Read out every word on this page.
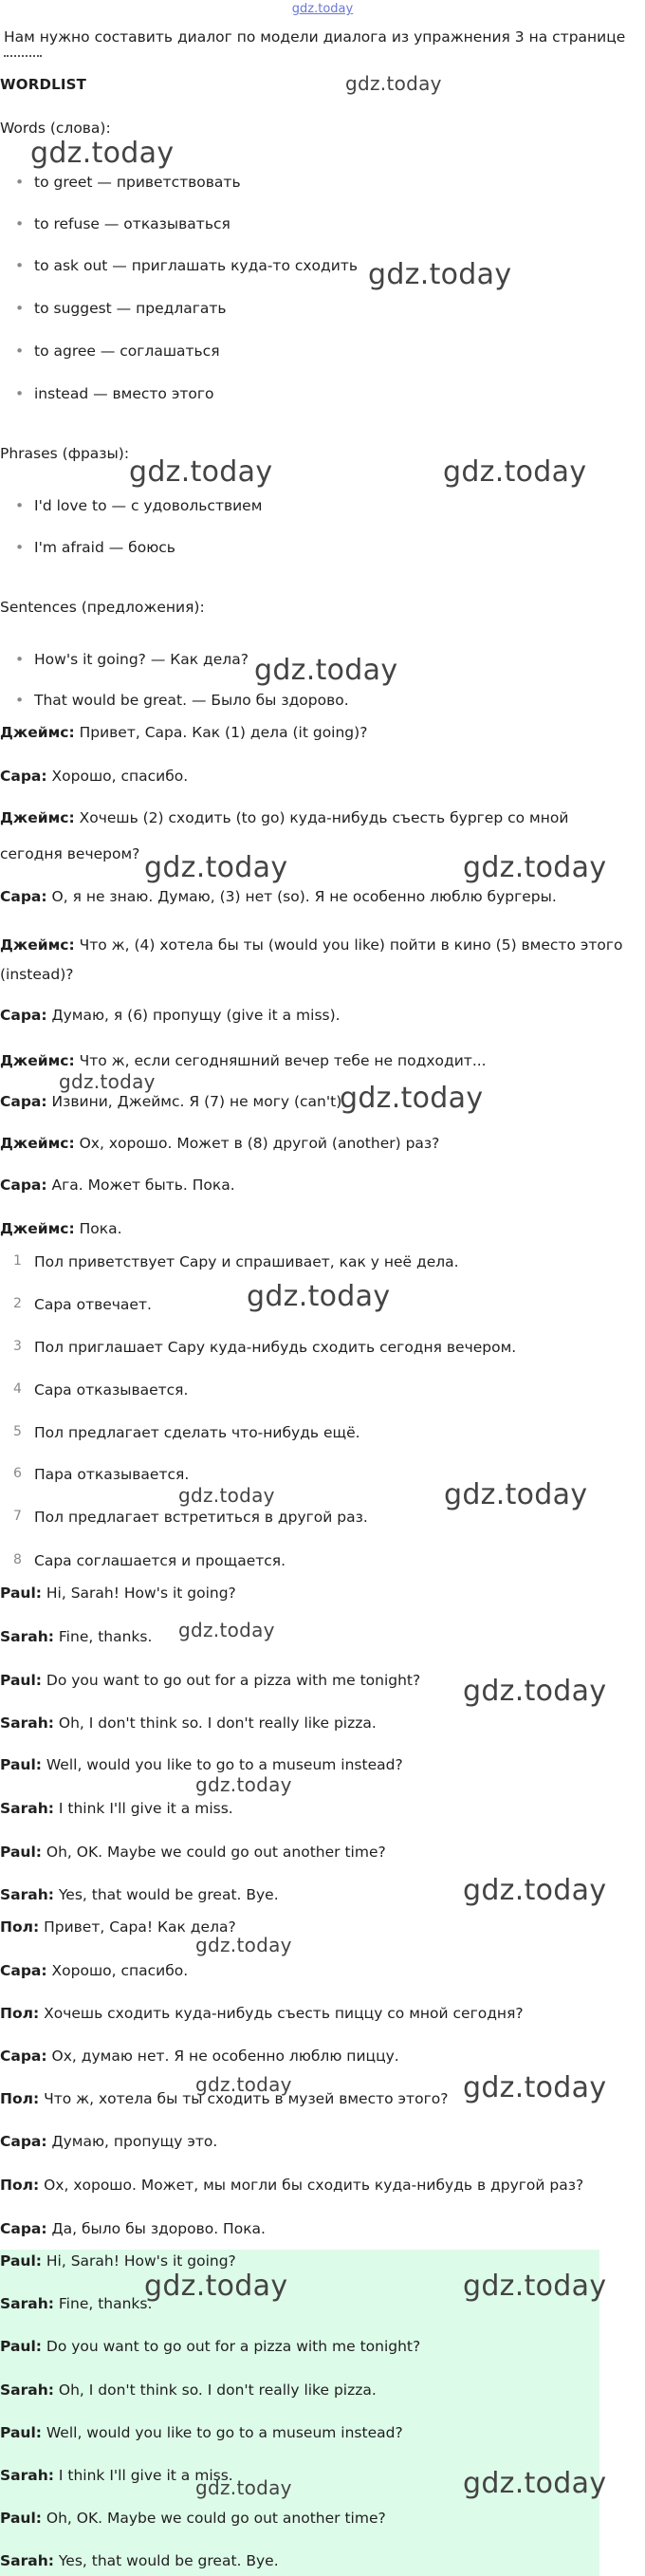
gdz.today
Нам нужно составить диалог по модели диалога из упражнения 3 на странице
WORDLIST
Words (слова):
• to greet — приветствовать
• to refuse — отказываться
• to ask out — приглашать куда-то сходить
• to suggest — предлагать
• to agree — соглашаться
• instead — вместо этого
Phrases (фразы):
• I'd love to — с удовольствием
• I'm afraid — боюсь
Sentences (предложения):
• How's it going? — Как дела?
• That would be great. — Было бы здорово.
Джеймс: Привет, Сара. Как (1) дела (it going)?
Сара: Хорошо, спасибо.
Джеймс: Хочешь (2) сходить (to go) куда-нибудь съесть бургер со мной
сегодня вечером?
Сара: О, я не знаю. Думаю, (3) нет (so). Я не особенно люблю бургеры.
Джеймс: Что ж, (4) хотела бы ты (would you like) пойти в кино (5) вместо этого
(instead)?
Сара: Думаю, я (6) пропущу (give it a miss).
Джеймс: Что ж, если сегодняшний вечер тебе не подходит...
Сара: Извини, Джеймс. Я (7) не могу (can't).
Джеймс: Ох, хорошо. Может в (8) другой (another) раз?
Сара: Ага. Может быть. Пока.
Джеймс: Пока.
1 Пол приветствует Сару и спрашивает, как у неё дела.
2 Сара отвечает.
3 Пол приглашает Сару куда-нибудь сходить сегодня вечером.
4 Сара отказывается.
5 Пол предлагает сделать что-нибудь ещё.
6 Пара отказывается.
7 Пол предлагает встретиться в другой раз.
8 Сара соглашается и прощается.
Paul: Hi, Sarah! How's it going?
Sarah: Fine, thanks.
Paul: Do you want to go out for a pizza with me tonight?
Sarah: Oh, I don't think so. I don't really like pizza.
Paul: Well, would you like to go to a museum instead?
Sarah: I think I'll give it a miss.
Paul: Oh, OK. Maybe we could go out another time?
Sarah: Yes, that would be great. Bye.
Пол: Привет, Сара! Как дела?
Сара: Хорошо, спасибо.
Пол: Хочешь сходить куда-нибудь съесть пиццу со мной сегодня?
Сара: Ох, думаю нет. Я не особенно люблю пиццу.
Пол: Что ж, хотела бы ты сходить в музей вместо этого?
Сара: Думаю, пропущу это.
Пол: Ох, хорошо. Может, мы могли бы сходить куда-нибудь в другой раз?
Сара: Да, было бы здорово. Пока.
Paul: Hi, Sarah! How's it going?
Sarah: Fine, thanks.
Paul: Do you want to go out for a pizza with me tonight?
Sarah: Oh, I don't think so. I don't really like pizza.
Paul: Well, would you like to go to a museum instead?
Sarah: I think I'll give it a miss.
Paul: Oh, OK. Maybe we could go out another time?
Sarah: Yes, that would be great. Bye.
gdz.today
gdz.today
gdz.today
gdz.today	gdz.today
gdz.today
gdz.today	gdz.today
gdz.today	gdz.today
gdz.today
gdz.today	gdz.today
gdz.today
gdz.today
gdz.today
gdz.today
gdz.today
gdz.today	gdz.today
gdz.today	gdz.today
gdz.today	gdz.today
